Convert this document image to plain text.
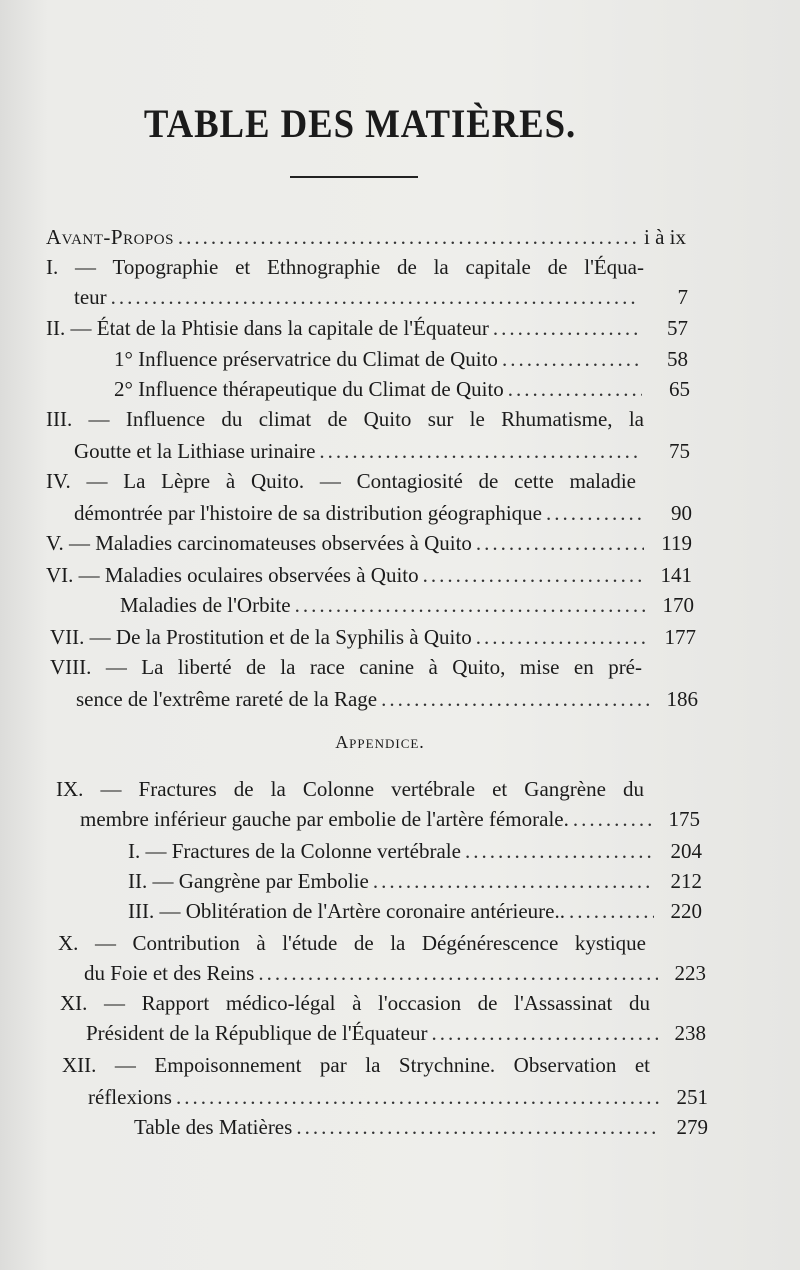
TABLE DES MATIÈRES.
Avant-Propos .....	i à ix
I. — Topographie et Ethnographie de la capitale de l'Équa-
teur .....	7
II. — État de la Phtisie dans la capitale de l'Équateur .....	57
1° Influence préservatrice du Climat de Quito .....	58
2° Influence thérapeutique du Climat de Quito .....	65
III. — Influence du climat de Quito sur le Rhumatisme, la
Goutte et la Lithiase urinaire .....	75
IV. — La Lèpre à Quito. — Contagiosité de cette maladie
démontrée par l'histoire de sa distribution géographique .....	90
V. — Maladies carcinomateuses observées à Quito .....	119
VI. — Maladies oculaires observées à Quito .....	141
Maladies de l'Orbite .....	170
VII. — De la Prostitution et de la Syphilis à Quito .....	177
VIII. — La liberté de la race canine à Quito, mise en pré-
sence de l'extrême rareté de la Rage .....	186
Appendice.
IX. — Fractures de la Colonne vertébrale et Gangrène du
membre inférieur gauche par embolie de l'artère fémorale. .....	175
I. — Fractures de la Colonne vertébrale .....	204
II. — Gangrène par Embolie .....	212
III. — Oblitération de l'Artère coronaire antérieure.. .....	220
X. — Contribution à l'étude de la Dégénérescence kystique
du Foie et des Reins .....	223
XI. — Rapport médico-légal à l'occasion de l'Assassinat du
Président de la République de l'Équateur .....	238
XII. — Empoisonnement par la Strychnine. Observation et
réflexions .....	251
Table des Matières .....	279
